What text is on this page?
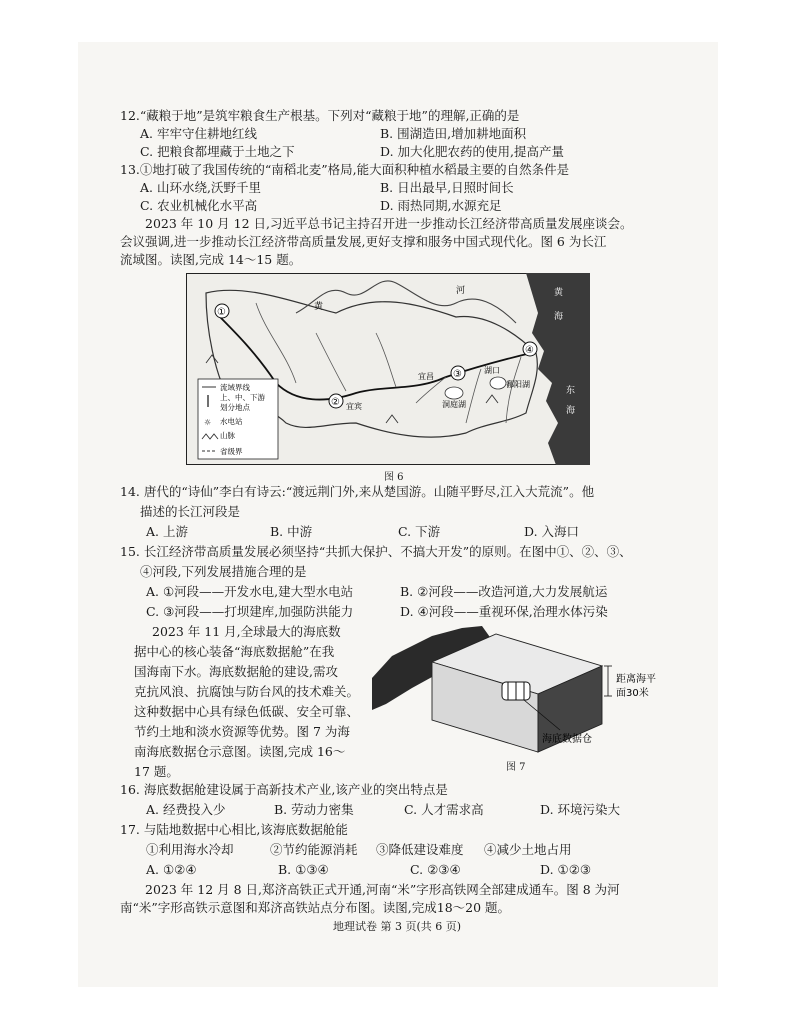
12.“藏粮于地”是筑牢粮食生产根基。下列对“藏粮于地”的理解,正确的是
A. 牢牢守住耕地红线	B. 围湖造田,增加耕地面积
C. 把粮食都埋藏于土地之下	D. 加大化肥农药的使用,提高产量
13.①地打破了我国传统的“南稻北麦”格局,能大面积种植水稻最主要的自然条件是
A. 山环水绕,沃野千里	B. 日出最早,日照时间长
C. 农业机械化水平高	D. 雨热同期,水源充足
2023 年 10 月 12 日,习近平总书记主持召开进一步推动长江经济带高质量发展座谈会。
会议强调,进一步推动长江经济带高质量发展,更好支撑和服务中国式现代化。图 6 为长江
流域图。读图,完成 14～15 题。
①
②
③
④
黄
河	黄
海
东
海
宜宾
宜昌
湖口
鄱阳湖
洞庭湖
流域界线
上、中、下游
划分地点
☼ 水电站
山脉
省级界
图 6
14. 唐代的“诗仙”李白有诗云:“渡远荆门外,来从楚国游。山随平野尽,江入大荒流”。他
描述的长江河段是
A. 上游	B. 中游	C. 下游	D. 入海口
15. 长江经济带高质量发展必须坚持“共抓大保护、不搞大开发”的原则。在图中①、②、③、
④河段,下列发展措施合理的是
A. ①河段——开发水电,建大型水电站	B. ②河段——改造河道,大力发展航运
C. ③河段——打坝建库,加强防洪能力	D. ④河段——重视环保,治理水体污染
2023 年 11 月,全球最大的海底数
据中心的核心装备“海底数据舱”在我
国海南下水。海底数据舱的建设,需攻
克抗风浪、抗腐蚀与防台风的技术难关。
这种数据中心具有绿色低碳、安全可靠、
节约土地和淡水资源等优势。图 7 为海
南海底数据仓示意图。读图,完成 16～
17 题。
距离海平
面30米
海底数据仓
图 7
16. 海底数据舱建设属于高新技术产业,该产业的突出特点是
A. 经费投入少	B. 劳动力密集	C. 人才需求高	D. 环境污染大
17. 与陆地数据中心相比,该海底数据舱能
①利用海水冷却	②节约能源消耗 ③降低建设难度 ④减少土地占用
A. ①②④	B. ①③④	C. ②③④	D. ①②③
2023 年 12 月 8 日,郑济高铁正式开通,河南“米”字形高铁网全部建成通车。图 8 为河
南“米”字形高铁示意图和郑济高铁站点分布图。读图,完成18～20 题。
地理试卷 第 3 页(共 6 页)
